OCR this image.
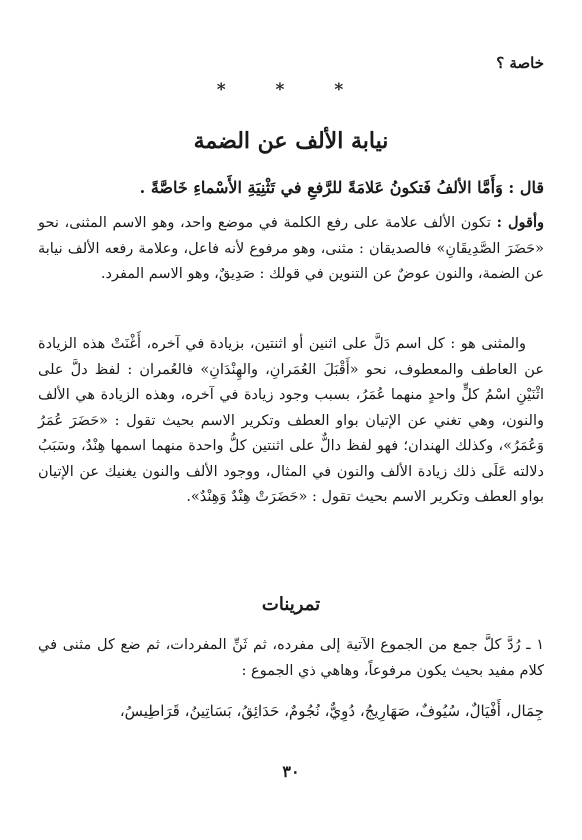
خاصة ؟
* * *
نيابة الألف عن الضمة

قال : وَأَمَّا الألفُ فَتكونُ عَلامَةً للرَّفعِ في تَثْنِيَةِ الأَسْماءِ خَاصَّةً .

وأقول : تكون الألف علامة على رفع الكلمة في موضع واحد، وهو الاسم المثنى، نحو «حَضَرَ الصَّدِيقَانِ» فالصديقان : مثنى، وهو مرفوع لأنه فاعل، وعلامة رفعه الألف نيابة عن الضمة، والنون عوضٌ عن التنوين في قولك : صَدِيقٌ، وهو الاسم المفرد.

والمثنى هو : كل اسم دَلَّ على اثنين أو اثنتين، بزيادة في آخره، أَغْنَتْ هذه الزيادة عن العاطف والمعطوف، نحو «أَقْبَلَ العُمَرانِ، والهِنْدَانِ» فالعُمران : لفظ دلَّ على اثْنَيْنِ اسْمُ كلٍّ واحدٍ منهما عُمَرُ، بسبب وجود زيادة في آخره، وهذه الزيادة هي الألف والنون، وهي تغني عن الإتيان بواو العطف وتكرير الاسم بحيث تقول : «حَضَرَ عُمَرُ وَعُمَرُ»، وكذلك الهندان؛ فهو لفظ دالٌّ على اثنتين كلُّ واحدة منهما اسمها هِنْدٌ، وسَبَبُ دلالته عَلَى ذلك زيادة الألف والنون في المثال، ووجود الألف والنون يغنيك عن الإتيان بواو العطف وتكرير الاسم بحيث تقول : «حَضَرَتْ هِنْدٌ وَهِنْدٌ».

تمرينات

١ ـ رُدَّ كلَّ جمع من الجموع الآتية إلى مفرده، ثم ثَنِّ المفردات، ثم ضع كل مثنى في كلام مفيد بحيث يكون مرفوعاً، وهاهي ذي الجموع :

جِمَال، أَفْيَالٌ، سُيُوفٌ، صَهَارِيجُ، دُوِيٌّ، نُجُومٌ، حَدَائِقُ، بَسَاتِينُ، قَرَاطِيسُ،

٣٠
